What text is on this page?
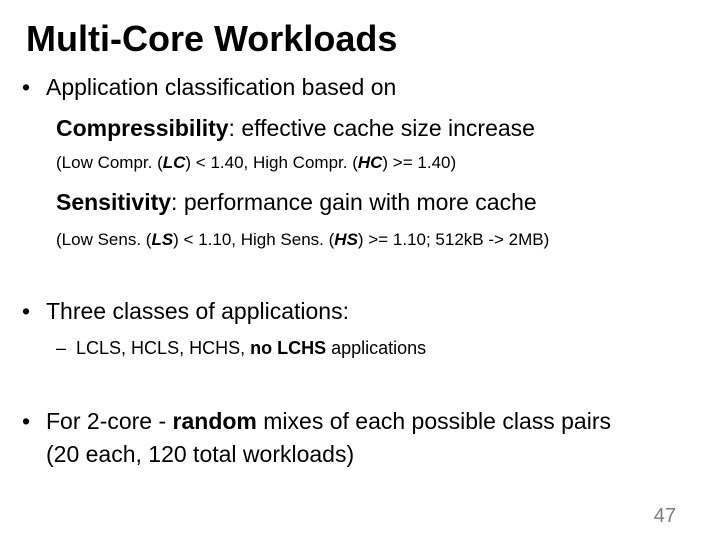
Multi-Core Workloads
• Application classification based on
Compressibility: effective cache size increase
(Low Compr. (LC) < 1.40, High Compr. (HC) >= 1.40)
Sensitivity: performance gain with more cache
(Low Sens. (LS) < 1.10, High Sens. (HS) >= 1.10; 512kB -> 2MB)
• Three classes of applications:
– LCLS, HCLS, HCHS, no LCHS applications
• For 2-core - random mixes of each possible class pairs
(20 each, 120 total workloads)
47
